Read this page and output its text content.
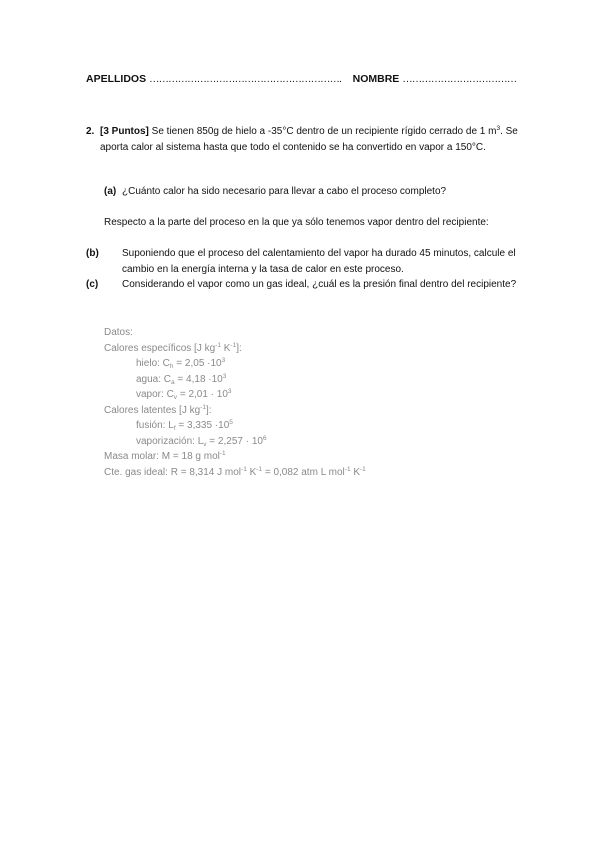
APELLIDOS ……………………………………………………. NOMBRE ………………………………
2. [3 Puntos] Se tienen 850g de hielo a -35°C dentro de un recipiente rígido cerrado de 1 $m^3$. Se aporta calor al sistema hasta que todo el contenido se ha convertido en vapor a 150°C.
(a) ¿Cuánto calor ha sido necesario para llevar a cabo el proceso completo?
Respecto a la parte del proceso en la que ya sólo tenemos vapor dentro del recipiente:
(b) Suponiendo que el proceso del calentamiento del vapor ha durado 45 minutos, calcule el cambio en la energía interna y la tasa de calor en este proceso.
(c) Considerando el vapor como un gas ideal, ¿cuál es la presión final dentro del recipiente?
Datos:
Calores específicos [J $kg^{-1}$ $K^{-1}$]:
hielo: $C_h = 2,05 \cdot 10^3$
agua: $C_a = 4,18 \cdot 10^3$
vapor: $C_v = 2,01 \cdot 10^3$
Calores latentes [J $kg^{-1}$]:
fusión: $L_f = 3,335 \cdot 10^5$
vaporización: $L_v = 2,257 \cdot 10^6$
Masa molar: M = 18 g mol$^{-1}$
Cte. gas ideal: R = 8,314 J mol$^{-1}$ $K^{-1} = 0,082$ atm L mol$^{-1}$ $K^{-1}$
